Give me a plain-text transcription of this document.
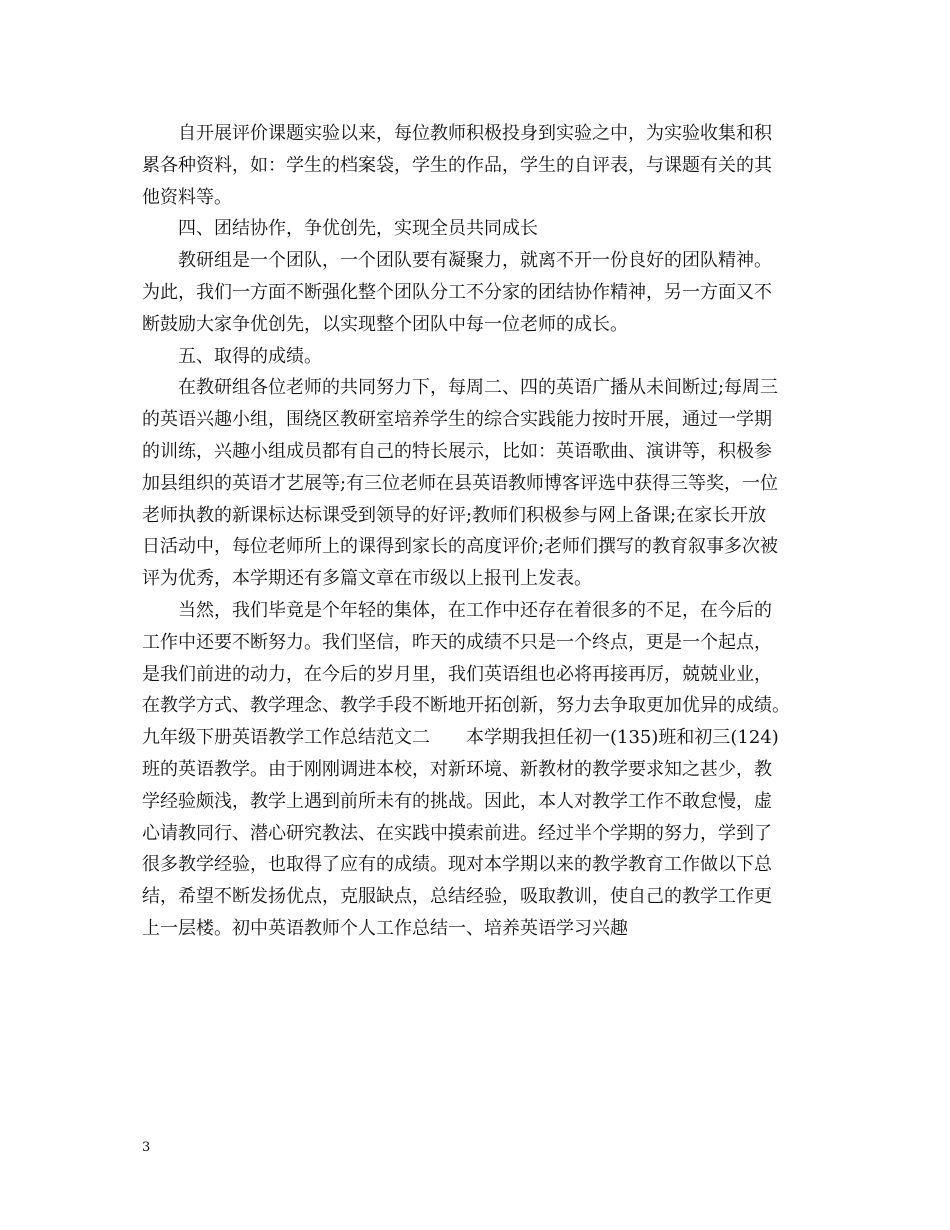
自开展评价课题实验以来，每位教师积极投身到实验之中，为实验收集和积

累各种资料，如：学生的档案袋，学生的作品，学生的自评表，与课题有关的其

他资料等。

四、团结协作，争优创先，实现全员共同成长

教研组是一个团队，一个团队要有凝聚力，就离不开一份良好的团队精神。

为此，我们一方面不断强化整个团队分工不分家的团结协作精神，另一方面又不

断鼓励大家争优创先，以实现整个团队中每一位老师的成长。

五、取得的成绩。

在教研组各位老师的共同努力下，每周二、四的英语广播从未间断过;每周三

的英语兴趣小组，围绕区教研室培养学生的综合实践能力按时开展，通过一学期

的训练，兴趣小组成员都有自己的特长展示，比如：英语歌曲、演讲等，积极参

加县组织的英语才艺展等;有三位老师在县英语教师博客评选中获得三等奖，一位

老师执教的新课标达标课受到领导的好评;教师们积极参与网上备课;在家长开放

日活动中，每位老师所上的课得到家长的高度评价;老师们撰写的教育叙事多次被

评为优秀，本学期还有多篇文章在市级以上报刊上发表。

当然，我们毕竟是个年轻的集体，在工作中还存在着很多的不足，在今后的

工作中还要不断努力。我们坚信，昨天的成绩不只是一个终点，更是一个起点，

是我们前进的动力，在今后的岁月里，我们英语组也必将再接再厉，兢兢业业，

在教学方式、教学理念、教学手段不断地开拓创新，努力去争取更加优异的成绩。

九年级下册英语教学工作总结范文二　　本学期我担任初一(135)班和初三(124)

班的英语教学。由于刚刚调进本校，对新环境、新教材的教学要求知之甚少，教

学经验颇浅，教学上遇到前所未有的挑战。因此，本人对教学工作不敢怠慢，虚

心请教同行、潜心研究教法、在实践中摸索前进。经过半个学期的努力，学到了

很多教学经验，也取得了应有的成绩。现对本学期以来的教学教育工作做以下总

结，希望不断发扬优点，克服缺点，总结经验，吸取教训，使自己的教学工作更

上一层楼。初中英语教师个人工作总结一、培养英语学习兴趣

3
